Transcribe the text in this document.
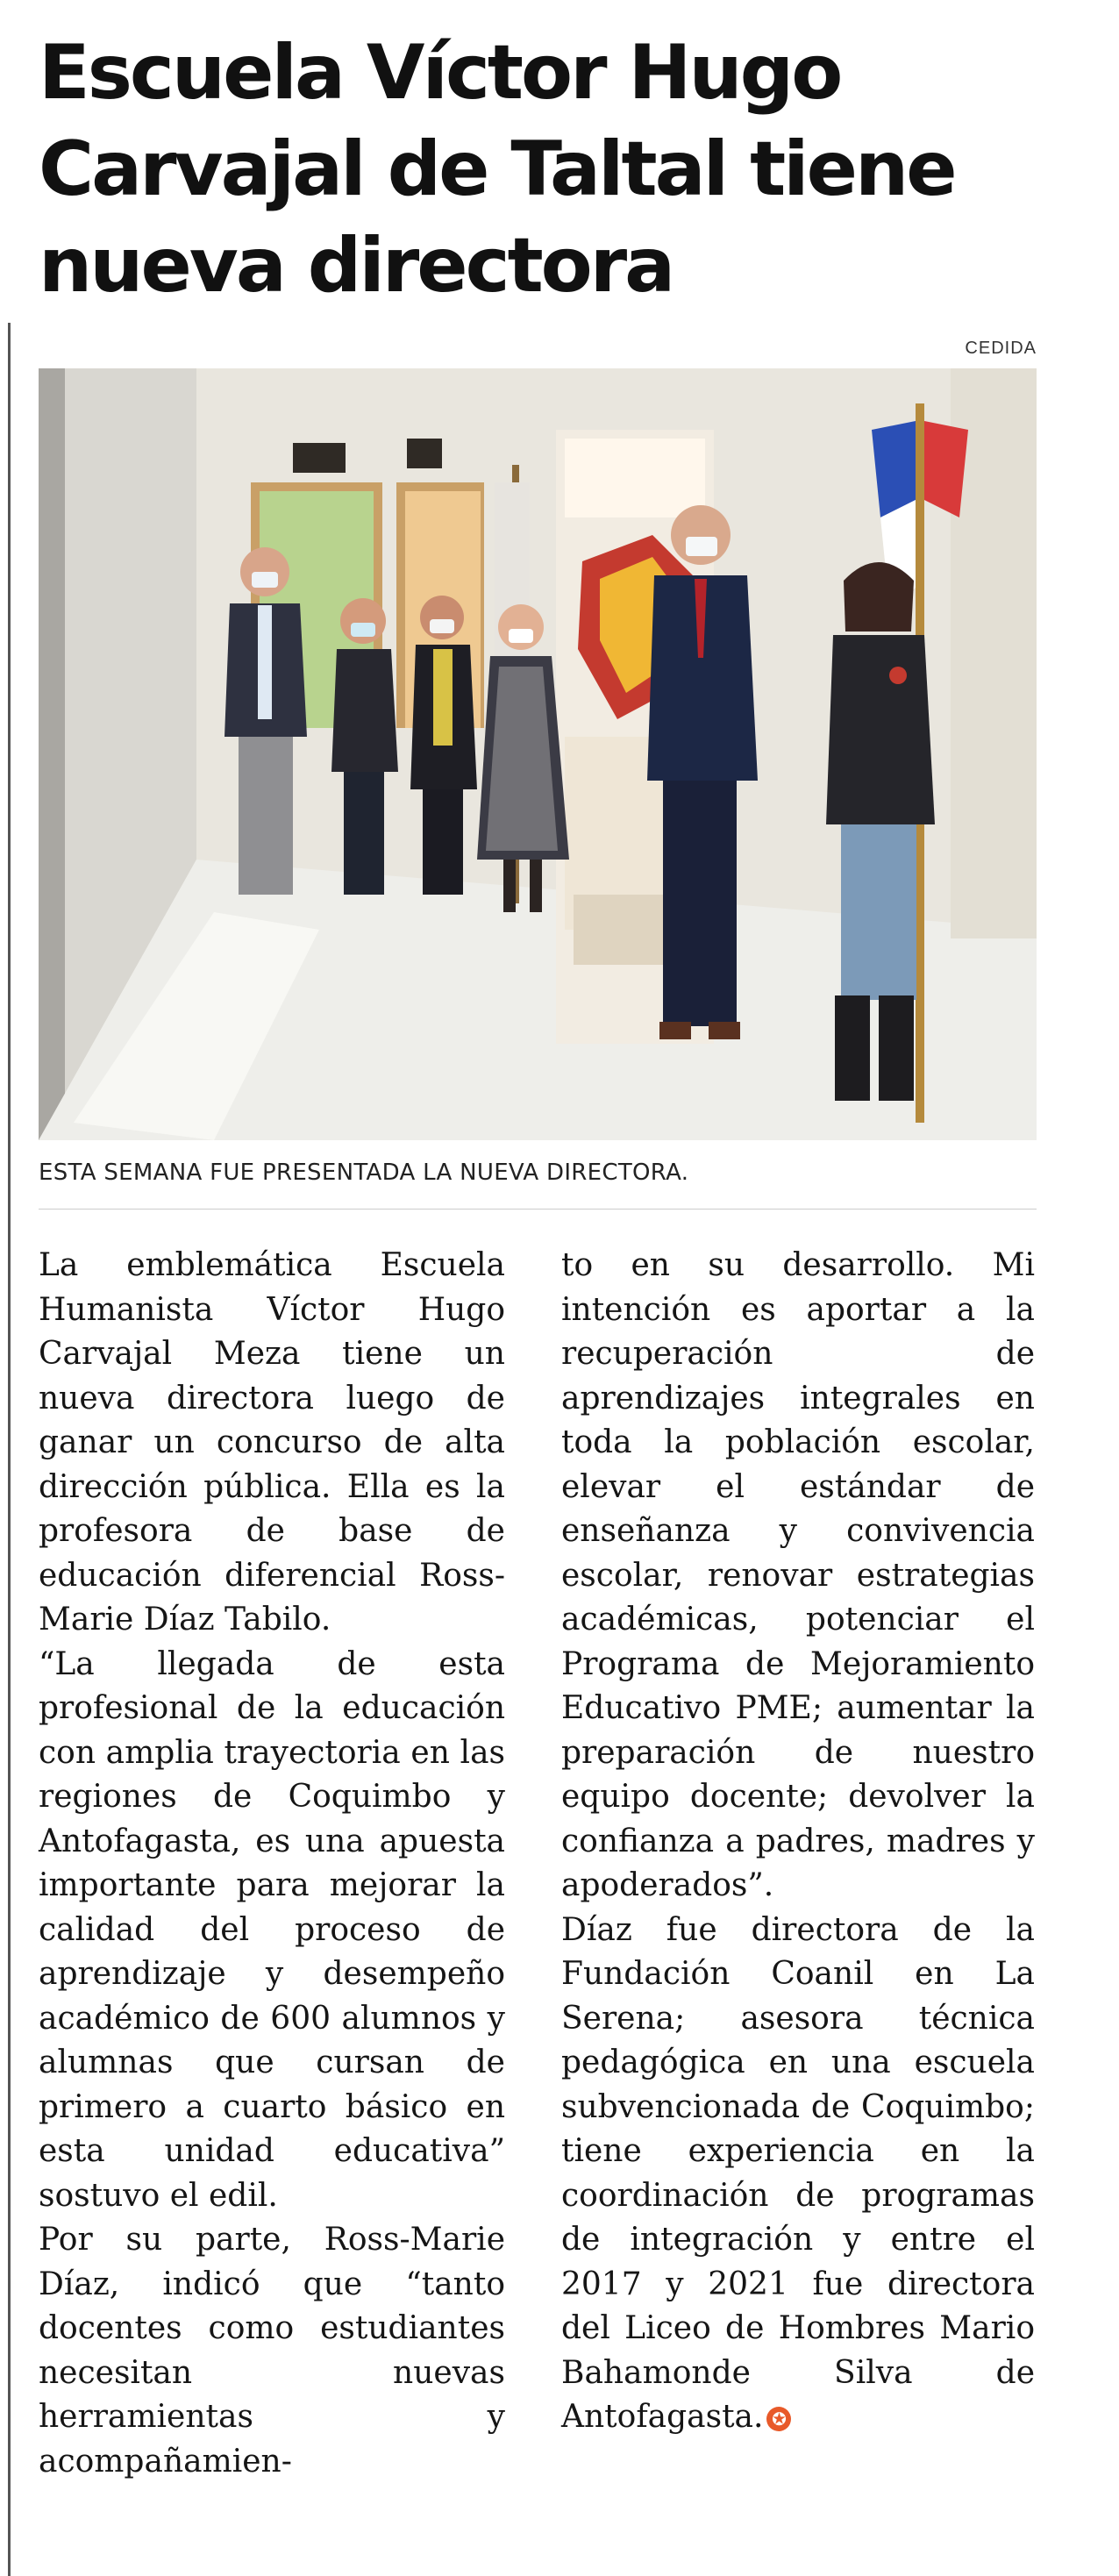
Escuela Víctor Hugo Carvajal de Taltal tiene nueva directora
CEDIDA
ESTA SEMANA FUE PRESENTADA LA NUEVA DIRECTORA.

La emblemática Escuela Humanista Víctor Hugo Carvajal Meza tiene un nueva directora luego de ganar un concurso de alta dirección pública. Ella es la profesora de base de educación diferencial Ross-Marie Díaz Tabilo.

“La llegada de esta profesional de la educación con amplia trayectoria en las regiones de Coquimbo y Antofagasta, es una apuesta importante para mejorar la calidad del proceso de aprendizaje y desempeño académico de 600 alumnos y alumnas que cursan de primero a cuarto básico en esta unidad educativa” sostuvo el edil.

Por su parte, Ross-Marie Díaz, indicó que “tanto docentes como estudiantes necesitan nuevas herramientas y acompañamien-

to en su desarrollo. Mi intención es aportar a la recuperación de aprendizajes integrales en toda la población escolar, elevar el estándar de enseñanza y convivencia escolar, renovar estrategias académicas, potenciar el Programa de Mejoramiento Educativo PME; aumentar la preparación de nuestro equipo docente; devolver la confianza a padres, madres y apoderados”.

Díaz fue directora de la Fundación Coanil en La Serena; asesora técnica pedagógica en una escuela subvencionada de Coquimbo; tiene experiencia en la coordinación de programas de integración y entre el 2017 y 2021 fue directora del Liceo de Hombres Mario Bahamonde Silva de Antofagasta. ✪
